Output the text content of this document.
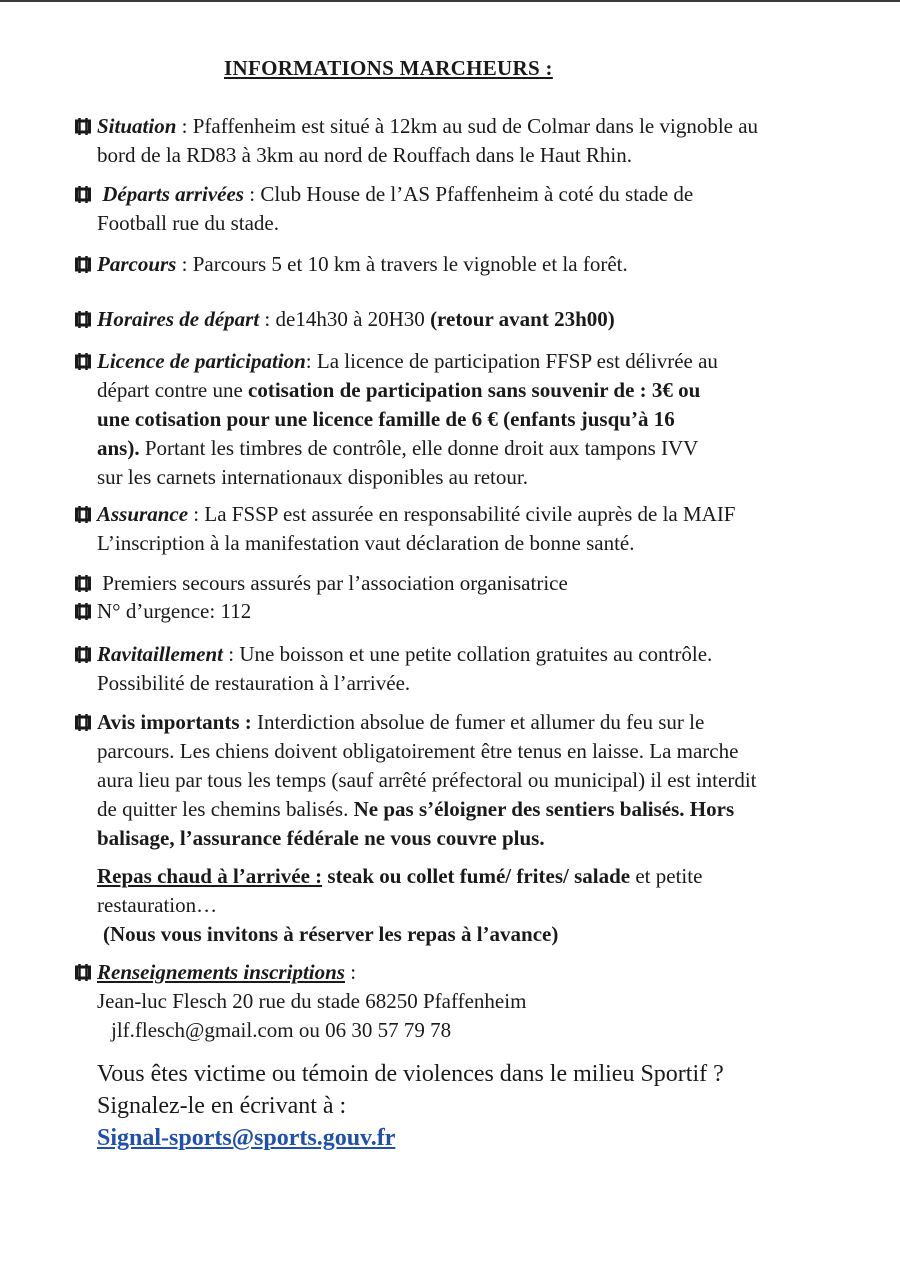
INFORMATIONS MARCHEURS :
Situation : Pfaffenheim est situé à 12km au sud de Colmar dans le vignoble au
bord de la RD83 à 3km au nord de Rouffach dans le Haut Rhin.
Départs arrivées : Club House de l’AS Pfaffenheim à coté du stade de
Football rue du stade.
Parcours : Parcours 5 et 10 km à travers le vignoble et la forêt.
Horaires de départ : de14h30 à 20H30 (retour avant 23h00)
Licence de participation: La licence de participation FFSP est délivrée au
départ contre une cotisation de participation sans souvenir de : 3€ ou
une cotisation pour une licence famille de 6 € (enfants jusqu’à 16
ans). Portant les timbres de contrôle, elle donne droit aux tampons IVV
sur les carnets internationaux disponibles au retour.
Assurance : La FSSP est assurée en responsabilité civile auprès de la MAIF
L’inscription à la manifestation vaut déclaration de bonne santé.
Premiers secours assurés par l’association organisatrice
N° d’urgence: 112
Ravitaillement : Une boisson et une petite collation gratuites au contrôle.
Possibilité de restauration à l’arrivée.
Avis importants : Interdiction absolue de fumer et allumer du feu sur le
parcours. Les chiens doivent obligatoirement être tenus en laisse. La marche
aura lieu par tous les temps (sauf arrêté préfectoral ou municipal) il est interdit
de quitter les chemins balisés. Ne pas s’éloigner des sentiers balisés. Hors
balisage, l’assurance fédérale ne vous couvre plus.
Repas chaud à l’arrivée : steak ou collet fumé/ frites/ salade et petite
restauration…
(Nous vous invitons à réserver les repas à l’avance)
Renseignements inscriptions :
Jean-luc Flesch 20 rue du stade 68250 Pfaffenheim
jlf.flesch@gmail.com ou 06 30 57 79 78
Vous êtes victime ou témoin de violences dans le milieu Sportif ?
Signalez-le en écrivant à :
Signal-sports@sports.gouv.fr
